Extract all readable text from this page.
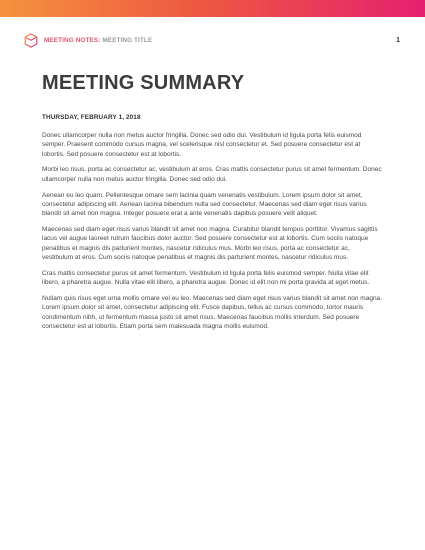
MEETING NOTES: MEETING TITLE	1
MEETING SUMMARY
THURSDAY, FEBRUARY 1, 2018

Donec ullamcorper nulla non metus auctor fringilla. Donec sed odio dui. Vestibulum id ligula porta felis euismod semper. Praesent commodo cursus magna, vel scelerisque nisl consectetur et. Sed posuere consectetur est at lobortis. Sed posuere consectetur est at lobortis.

Morbi leo risus, porta ac consectetur ac, vestibulum at eros. Cras mattis consectetur purus sit amet fermentum. Donec ullamcorper nulla non metus auctor fringilla. Donec sed odio dui.

Aenean eu leo quam. Pellentesque ornare sem lacinia quam venenatis vestibulum. Lorem ipsum dolor sit amet, consectetur adipiscing elit. Aenean lacinia bibendum nulla sed consectetur. Maecenas sed diam eget risus varius blandit sit amet non magna. Integer posuere erat a ante venenatis dapibus posuere velit aliquet.

Maecenas sed diam eget risus varius blandit sit amet non magna. Curabitur blandit tempus porttitor. Vivamus sagittis lacus vel augue laoreet rutrum faucibus dolor auctor. Sed posuere consectetur est at lobortis. Cum sociis natoque penatibus et magnis dis parturient montes, nascetur ridiculus mus. Morbi leo risus, porta ac consectetur ac, vestibulum at eros. Cum sociis natoque penatibus et magnis dis parturient montes, nascetur ridiculus mus.

Cras mattis consectetur purus sit amet fermentum. Vestibulum id ligula porta felis euismod semper. Nulla vitae elit libero, a pharetra augue. Nulla vitae elit libero, a pharetra augue. Donec id elit non mi porta gravida at eget metus.

Nullam quis risus eget urna mollis ornare vel eu leo. Maecenas sed diam eget risus varius blandit sit amet non magna. Lorem ipsum dolor sit amet, consectetur adipiscing elit. Fusce dapibus, tellus ac cursus commodo, tortor mauris condimentum nibh, ut fermentum massa justo sit amet risus. Maecenas faucibus mollis interdum. Sed posuere consectetur est at lobortis. Etiam porta sem malesuada magna mollis euismod.
